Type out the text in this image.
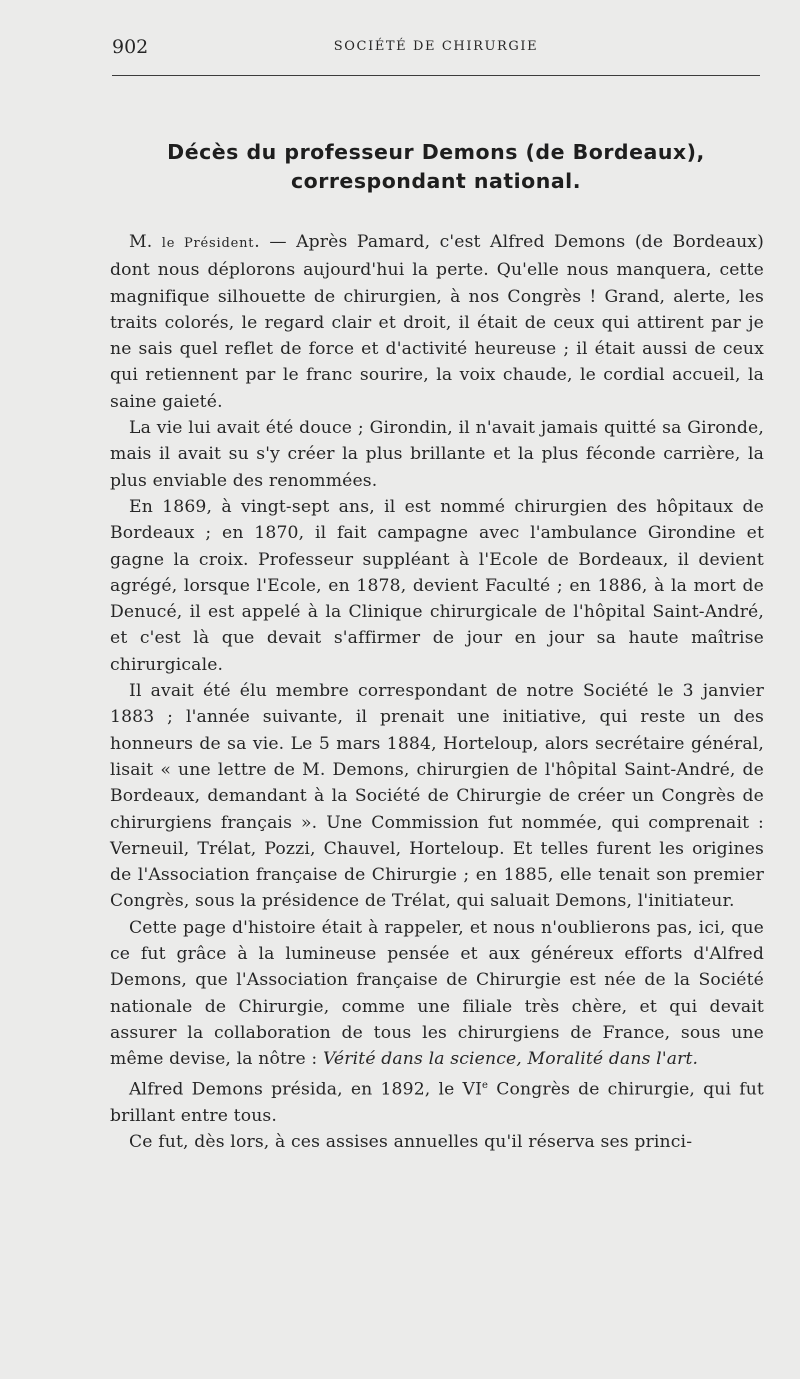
902	SOCIÉTÉ DE CHIRURGIE
Décès du professeur Demons (de Bordeaux),
correspondant national.

M. le Président. — Après Pamard, c'est Alfred Demons (de Bordeaux) dont nous déplorons aujourd'hui la perte. Qu'elle nous manquera, cette magnifique silhouette de chirurgien, à nos Congrès ! Grand, alerte, les traits colorés, le regard clair et droit, il était de ceux qui attirent par je ne sais quel reflet de force et d'activité heureuse ; il était aussi de ceux qui retiennent par le franc sourire, la voix chaude, le cordial accueil, la saine gaieté.

La vie lui avait été douce ; Girondin, il n'avait jamais quitté sa Gironde, mais il avait su s'y créer la plus brillante et la plus féconde carrière, la plus enviable des renommées.

En 1869, à vingt-sept ans, il est nommé chirurgien des hôpitaux de Bordeaux ; en 1870, il fait campagne avec l'ambulance Girondine et gagne la croix. Professeur suppléant à l'Ecole de Bordeaux, il devient agrégé, lorsque l'Ecole, en 1878, devient Faculté ; en 1886, à la mort de Denucé, il est appelé à la Clinique chirurgicale de l'hôpital Saint-André, et c'est là que devait s'affirmer de jour en jour sa haute maîtrise chirurgicale.

Il avait été élu membre correspondant de notre Société le 3 janvier 1883 ; l'année suivante, il prenait une initiative, qui reste un des honneurs de sa vie. Le 5 mars 1884, Horteloup, alors secrétaire général, lisait « une lettre de M. Demons, chirurgien de l'hôpital Saint-André, de Bordeaux, demandant à la Société de Chirurgie de créer un Congrès de chirurgiens français ». Une Commission fut nommée, qui comprenait : Verneuil, Trélat, Pozzi, Chauvel, Horteloup. Et telles furent les origines de l'Association française de Chirurgie ; en 1885, elle tenait son premier Congrès, sous la présidence de Trélat, qui saluait Demons, l'initiateur.

Cette page d'histoire était à rappeler, et nous n'oublierons pas, ici, que ce fut grâce à la lumineuse pensée et aux généreux efforts d'Alfred Demons, que l'Association française de Chirurgie est née de la Société nationale de Chirurgie, comme une filiale très chère, et qui devait assurer la collaboration de tous les chirurgiens de France, sous une même devise, la nôtre : Vérité dans la science, Moralité dans l'art.

Alfred Demons présida, en 1892, le VIe Congrès de chirurgie, qui fut brillant entre tous.

Ce fut, dès lors, à ces assises annuelles qu'il réserva ses princi-
